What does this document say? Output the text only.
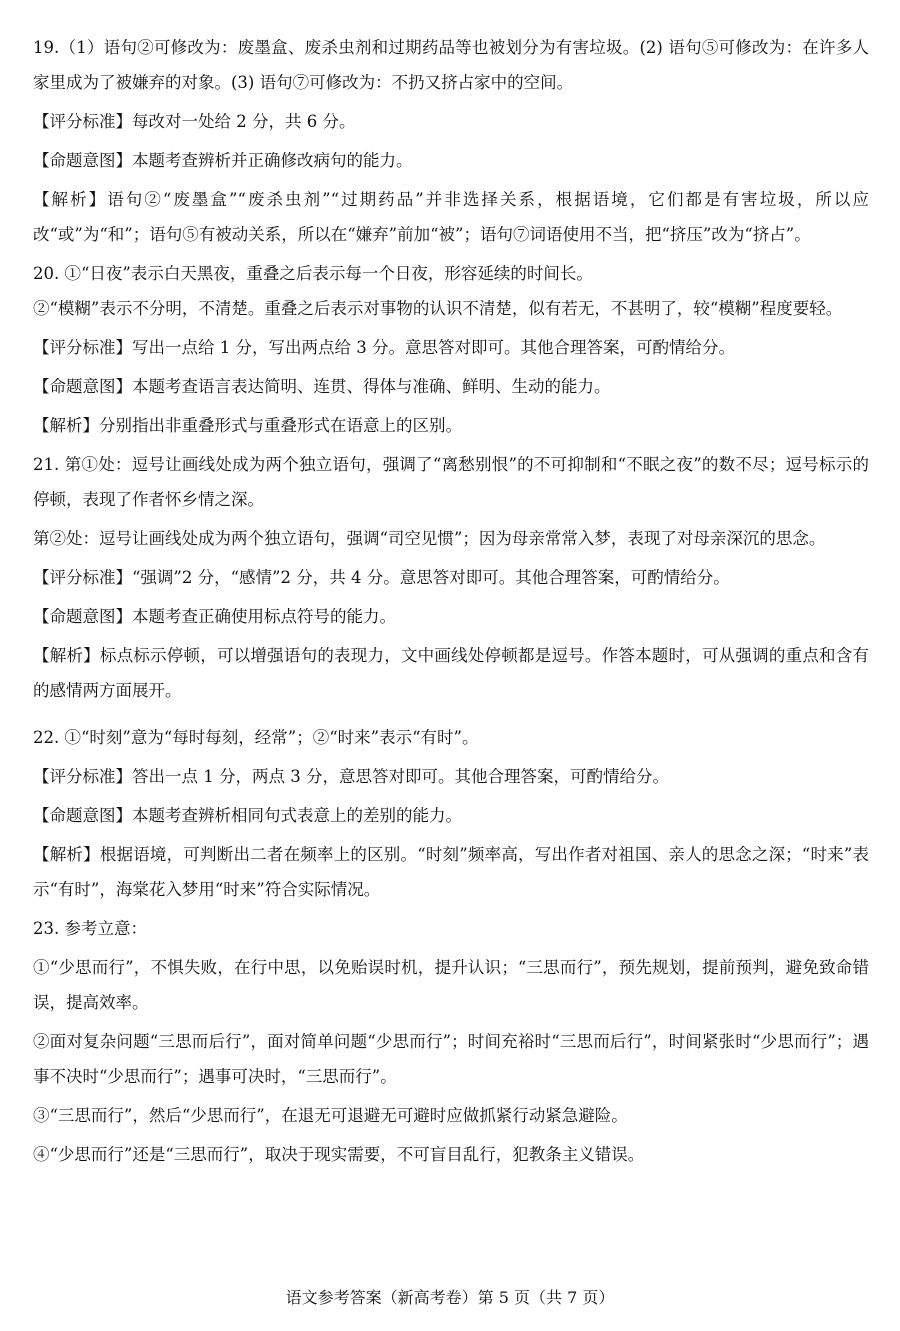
19.（1）语句②可修改为：废墨盒、废杀虫剂和过期药品等也被划分为有害垃圾。(2) 语句⑤可修改为：在许多人家里成为了被嫌弃的对象。(3) 语句⑦可修改为：不扔又挤占家中的空间。

【评分标准】每改对一处给 2 分，共 6 分。

【命题意图】本题考查辨析并正确修改病句的能力。

【解析】语句②“废墨盒”“废杀虫剂”“过期药品”并非选择关系，根据语境，它们都是有害垃圾，所以应改“或”为“和”；语句⑤有被动关系，所以在“嫌弃”前加“被”；语句⑦词语使用不当，把“挤压”改为“挤占”。

20. ①“日夜”表示白天黑夜，重叠之后表示每一个日夜，形容延续的时间长。

②“模糊”表示不分明，不清楚。重叠之后表示对事物的认识不清楚，似有若无，不甚明了，较“模糊”程度要轻。

【评分标准】写出一点给 1 分，写出两点给 3 分。意思答对即可。其他合理答案，可酌情给分。

【命题意图】本题考查语言表达简明、连贯、得体与准确、鲜明、生动的能力。

【解析】分别指出非重叠形式与重叠形式在语意上的区别。

21. 第①处：逗号让画线处成为两个独立语句，强调了“离愁别恨”的不可抑制和“不眠之夜”的数不尽；逗号标示的停顿，表现了作者怀乡情之深。

第②处：逗号让画线处成为两个独立语句，强调“司空见惯”；因为母亲常常入梦，表现了对母亲深沉的思念。

【评分标准】“强调”2 分，“感情”2 分，共 4 分。意思答对即可。其他合理答案，可酌情给分。

【命题意图】本题考查正确使用标点符号的能力。

【解析】标点标示停顿，可以增强语句的表现力，文中画线处停顿都是逗号。作答本题时，可从强调的重点和含有的感情两方面展开。

22. ①“时刻”意为“每时每刻，经常”；②“时来”表示“有时”。

【评分标准】答出一点 1 分，两点 3 分，意思答对即可。其他合理答案，可酌情给分。

【命题意图】本题考查辨析相同句式表意上的差别的能力。

【解析】根据语境，可判断出二者在频率上的区别。“时刻”频率高，写出作者对祖国、亲人的思念之深；“时来”表示“有时”，海棠花入梦用“时来”符合实际情况。

23. 参考立意：

①“少思而行”，不惧失败，在行中思，以免贻误时机，提升认识；“三思而行”，预先规划，提前预判，避免致命错误，提高效率。

②面对复杂问题“三思而后行”，面对简单问题“少思而行”；时间充裕时“三思而后行”，时间紧张时“少思而行”；遇事不决时“少思而行”；遇事可决时，“三思而行”。

③“三思而行”，然后“少思而行”，在退无可退避无可避时应做抓紧行动紧急避险。

④“少思而行”还是“三思而行”，取决于现实需要，不可盲目乱行，犯教条主义错误。

语文参考答案（新高考卷）第 5 页（共 7 页）
